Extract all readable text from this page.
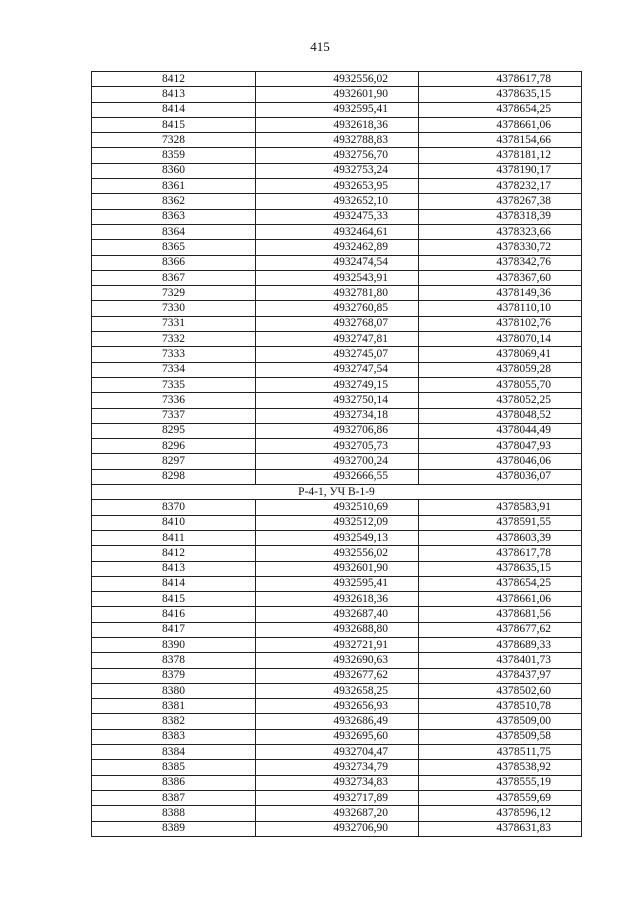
415
8412	4932556,02	4378617,78
8413	4932601,90	4378635,15
8414	4932595,41	4378654,25
8415	4932618,36	4378661,06
7328	4932788,83	4378154,66
8359	4932756,70	4378181,12
8360	4932753,24	4378190,17
8361	4932653,95	4378232,17
8362	4932652,10	4378267,38
8363	4932475,33	4378318,39
8364	4932464,61	4378323,66
8365	4932462,89	4378330,72
8366	4932474,54	4378342,76
8367	4932543,91	4378367,60
7329	4932781,80	4378149,36
7330	4932760,85	4378110,10
7331	4932768,07	4378102,76
7332	4932747,81	4378070,14
7333	4932745,07	4378069,41
7334	4932747,54	4378059,28
7335	4932749,15	4378055,70
7336	4932750,14	4378052,25
7337	4932734,18	4378048,52
8295	4932706,86	4378044,49
8296	4932705,73	4378047,93
8297	4932700,24	4378046,06
8298	4932666,55	4378036,07
Р-4-1, УЧ В-1-9		
8370	4932510,69	4378583,91
8410	4932512,09	4378591,55
8411	4932549,13	4378603,39
8412	4932556,02	4378617,78
8413	4932601,90	4378635,15
8414	4932595,41	4378654,25
8415	4932618,36	4378661,06
8416	4932687,40	4378681,56
8417	4932688,80	4378677,62
8390	4932721,91	4378689,33
8378	4932690,63	4378401,73
8379	4932677,62	4378437,97
8380	4932658,25	4378502,60
8381	4932656,93	4378510,78
8382	4932686,49	4378509,00
8383	4932695,60	4378509,58
8384	4932704,47	4378511,75
8385	4932734,79	4378538,92
8386	4932734,83	4378555,19
8387	4932717,89	4378559,69
8388	4932687,20	4378596,12
8389	4932706,90	4378631,83
